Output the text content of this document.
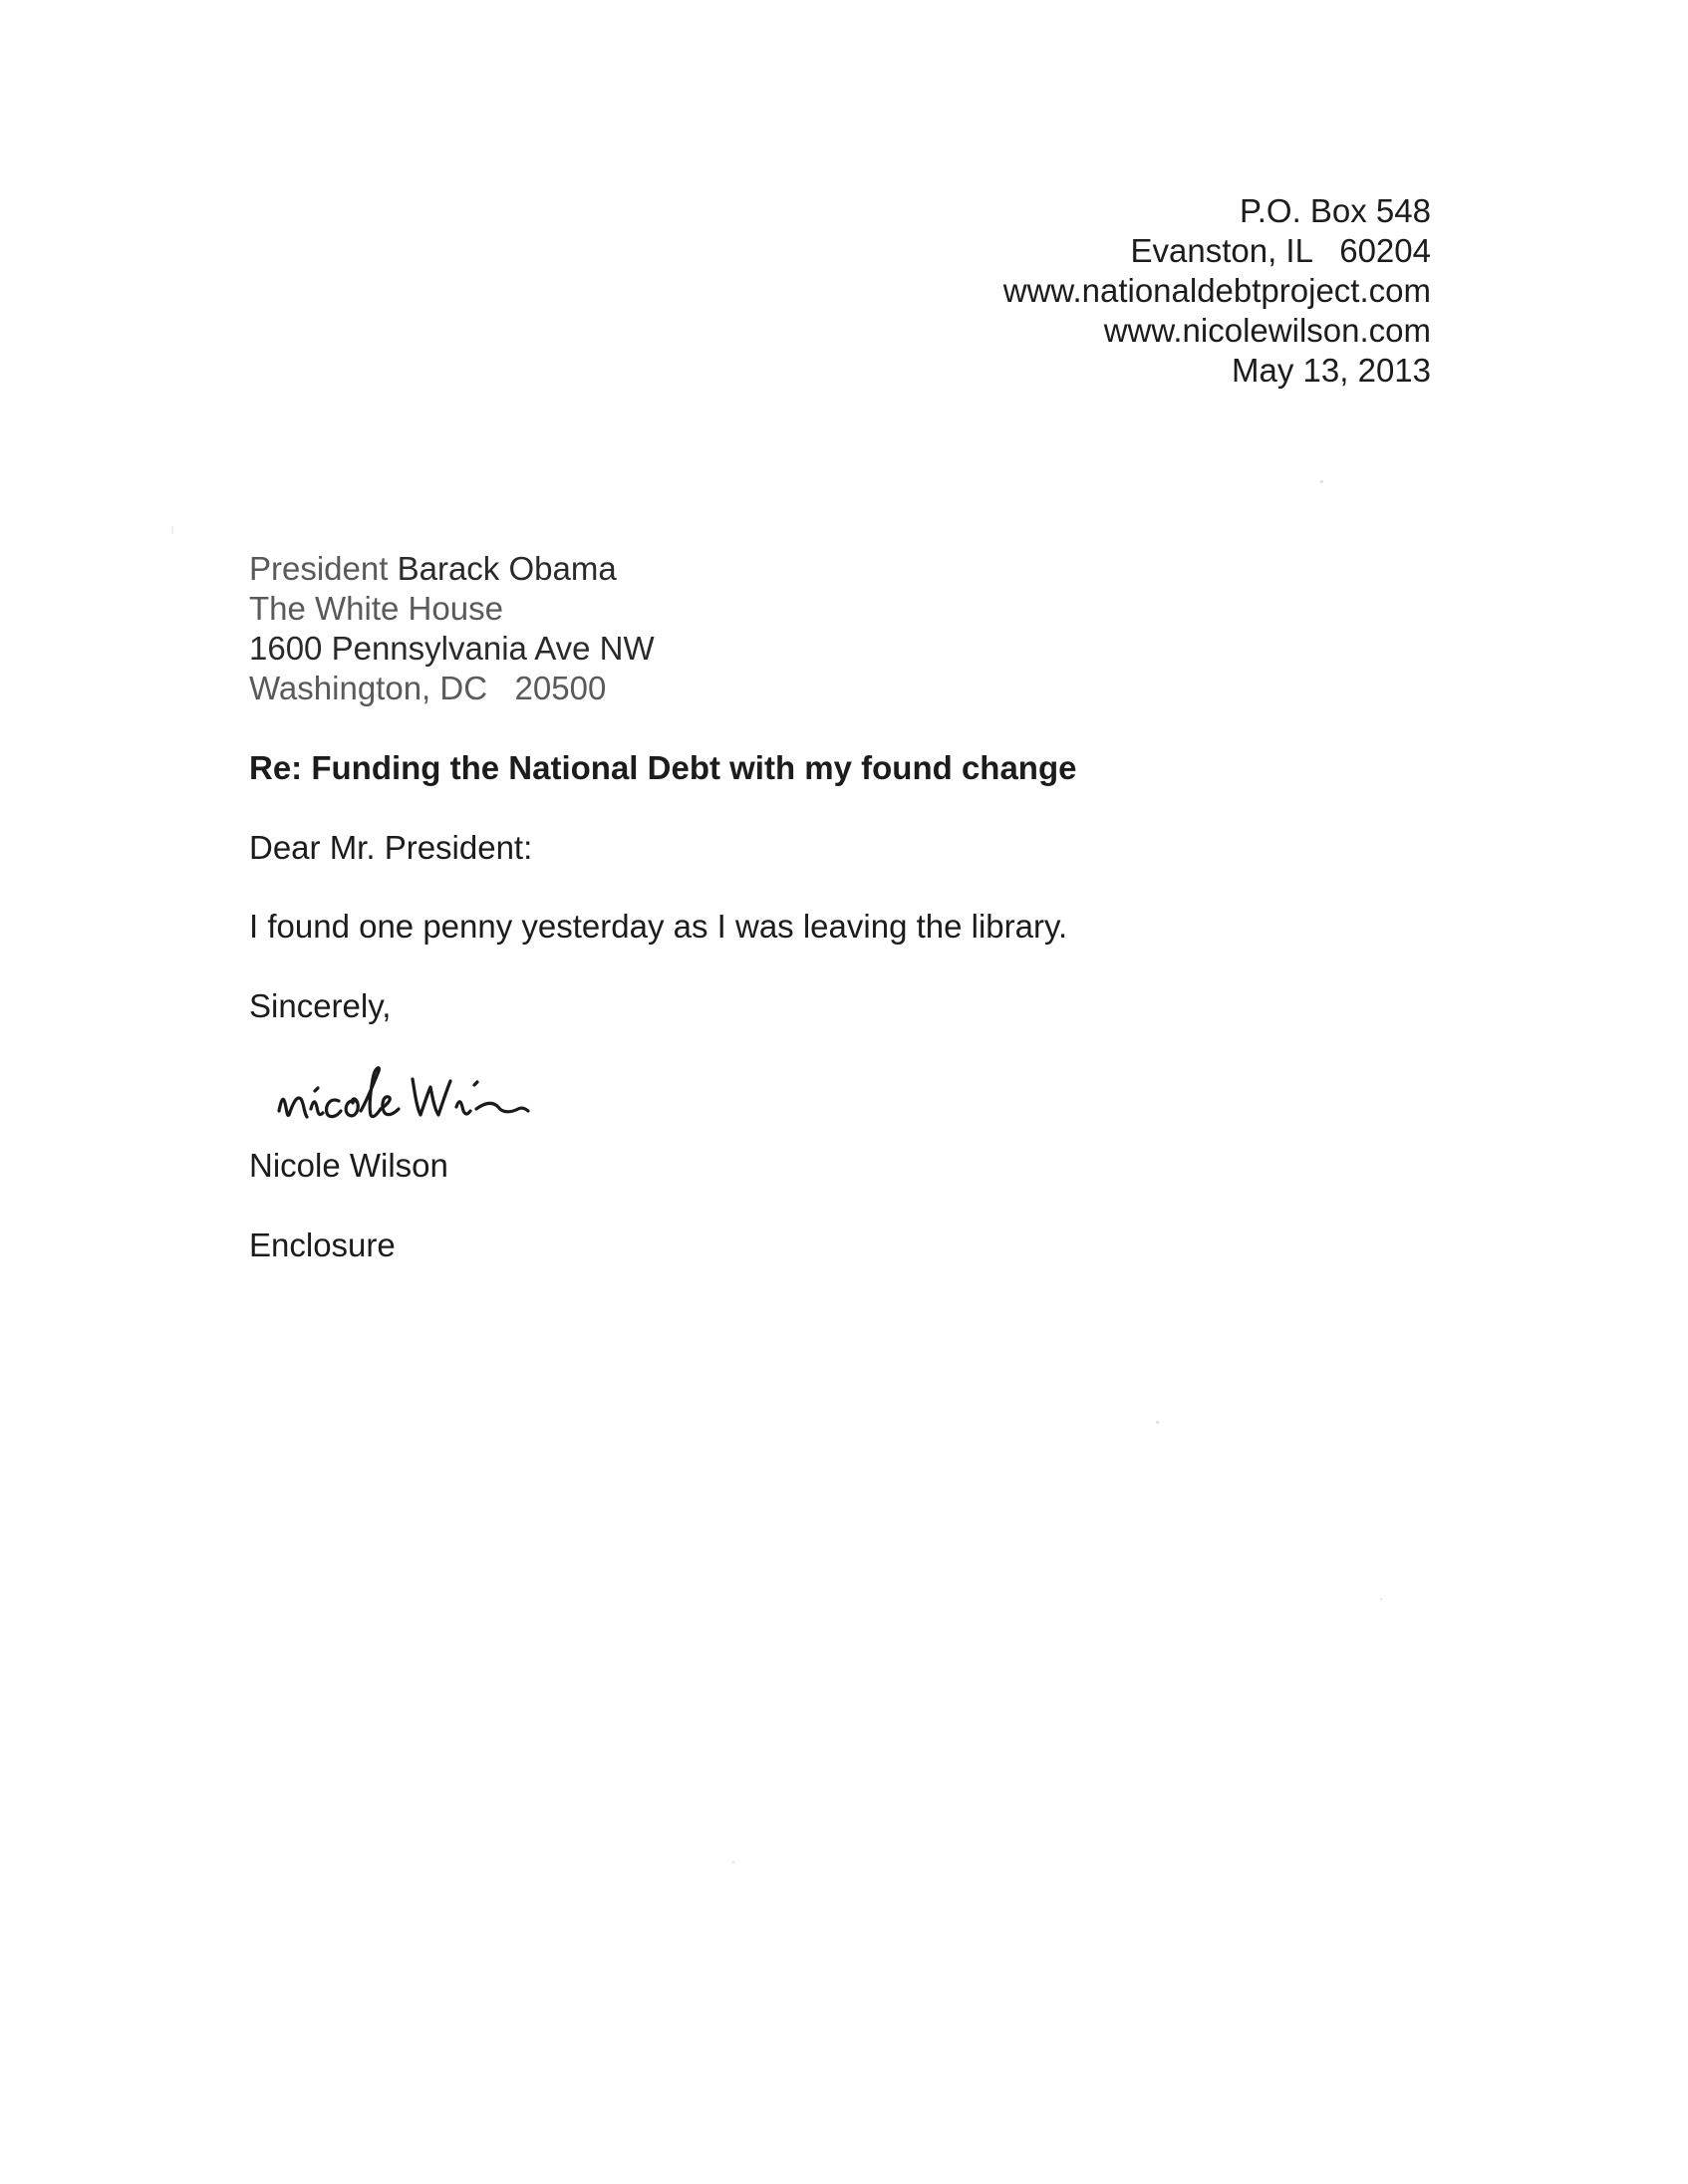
P.O. Box 548
Evanston, IL   60204
www.nationaldebtproject.com
www.nicolewilson.com
May 13, 2013
President Barack Obama
The White House
1600 Pennsylvania Ave NW
Washington, DC   20500
Re: Funding the National Debt with my found change
Dear Mr. President:
I found one penny yesterday as I was leaving the library.
Sincerely,
Nicole Wilson
Enclosure
